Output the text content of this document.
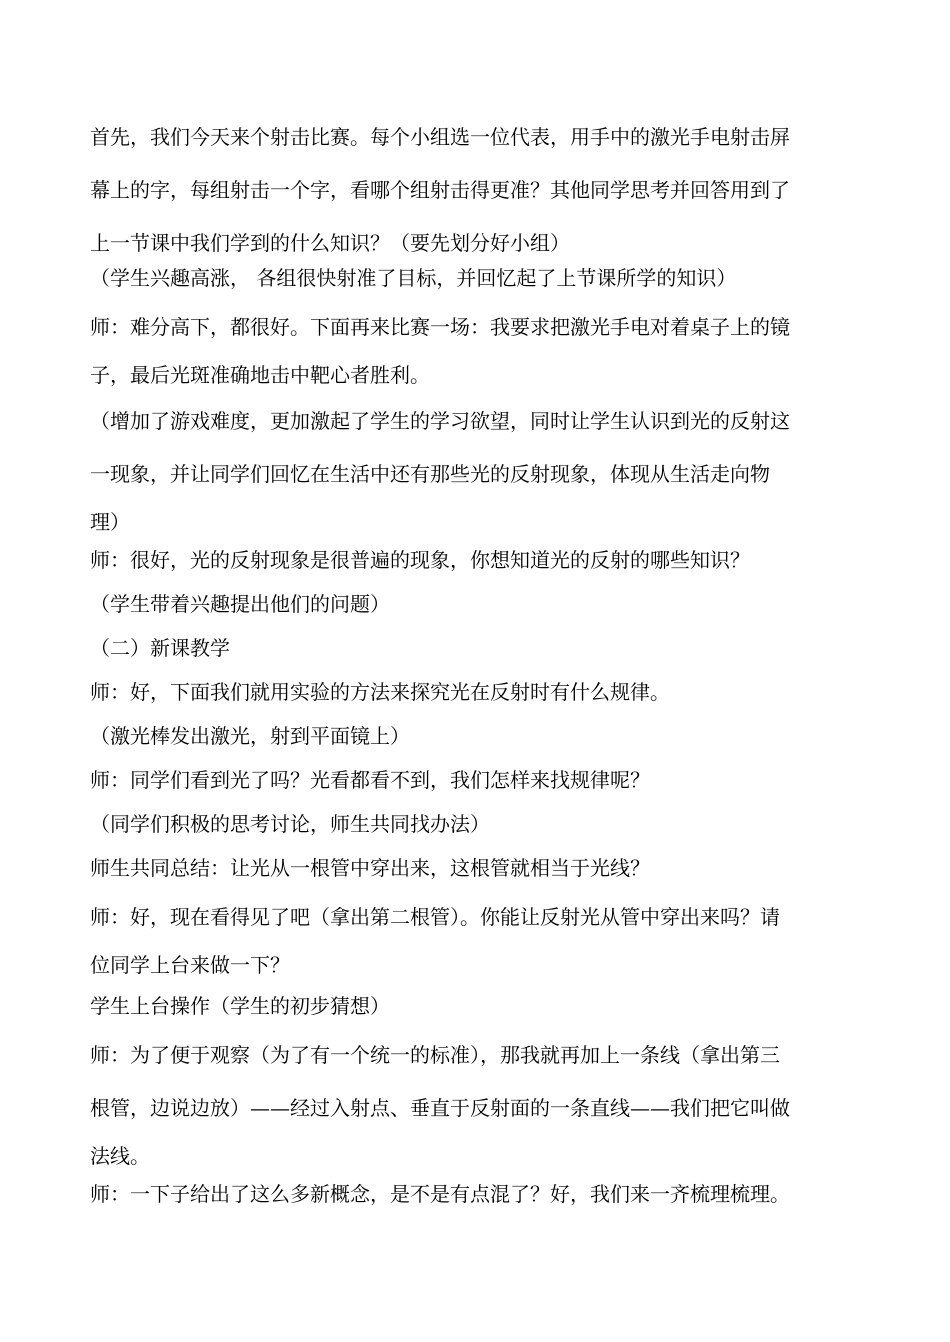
首先，我们今天来个射击比赛。每个小组选一位代表，用手中的激光手电射击屏
幕上的字，每组射击一个字，看哪个组射击得更准？其他同学思考并回答用到了
上一节课中我们学到的什么知识？（要先划分好小组）
（学生兴趣高涨， 各组很快射准了目标，并回忆起了上节课所学的知识）
师：难分高下，都很好。下面再来比赛一场：我要求把激光手电对着桌子上的镜
子，最后光斑准确地击中靶心者胜利。
（增加了游戏难度，更加激起了学生的学习欲望，同时让学生认识到光的反射这
一现象，并让同学们回忆在生活中还有那些光的反射现象，体现从生活走向物
理）
师：很好，光的反射现象是很普遍的现象，你想知道光的反射的哪些知识？
（学生带着兴趣提出他们的问题）
（二）新课教学
师：好，下面我们就用实验的方法来探究光在反射时有什么规律。
（激光棒发出激光，射到平面镜上）
师：同学们看到光了吗？光看都看不到，我们怎样来找规律呢？
（同学们积极的思考讨论，师生共同找办法）
师生共同总结：让光从一根管中穿出来，这根管就相当于光线？
师：好，现在看得见了吧（拿出第二根管）。你能让反射光从管中穿出来吗？请
位同学上台来做一下？
学生上台操作（学生的初步猜想）
师：为了便于观察（为了有一个统一的标准），那我就再加上一条线（拿出第三
根管，边说边放）——经过入射点、垂直于反射面的一条直线——我们把它叫做
法线。
师：一下子给出了这么多新概念，是不是有点混了？好，我们来一齐梳理梳理。
